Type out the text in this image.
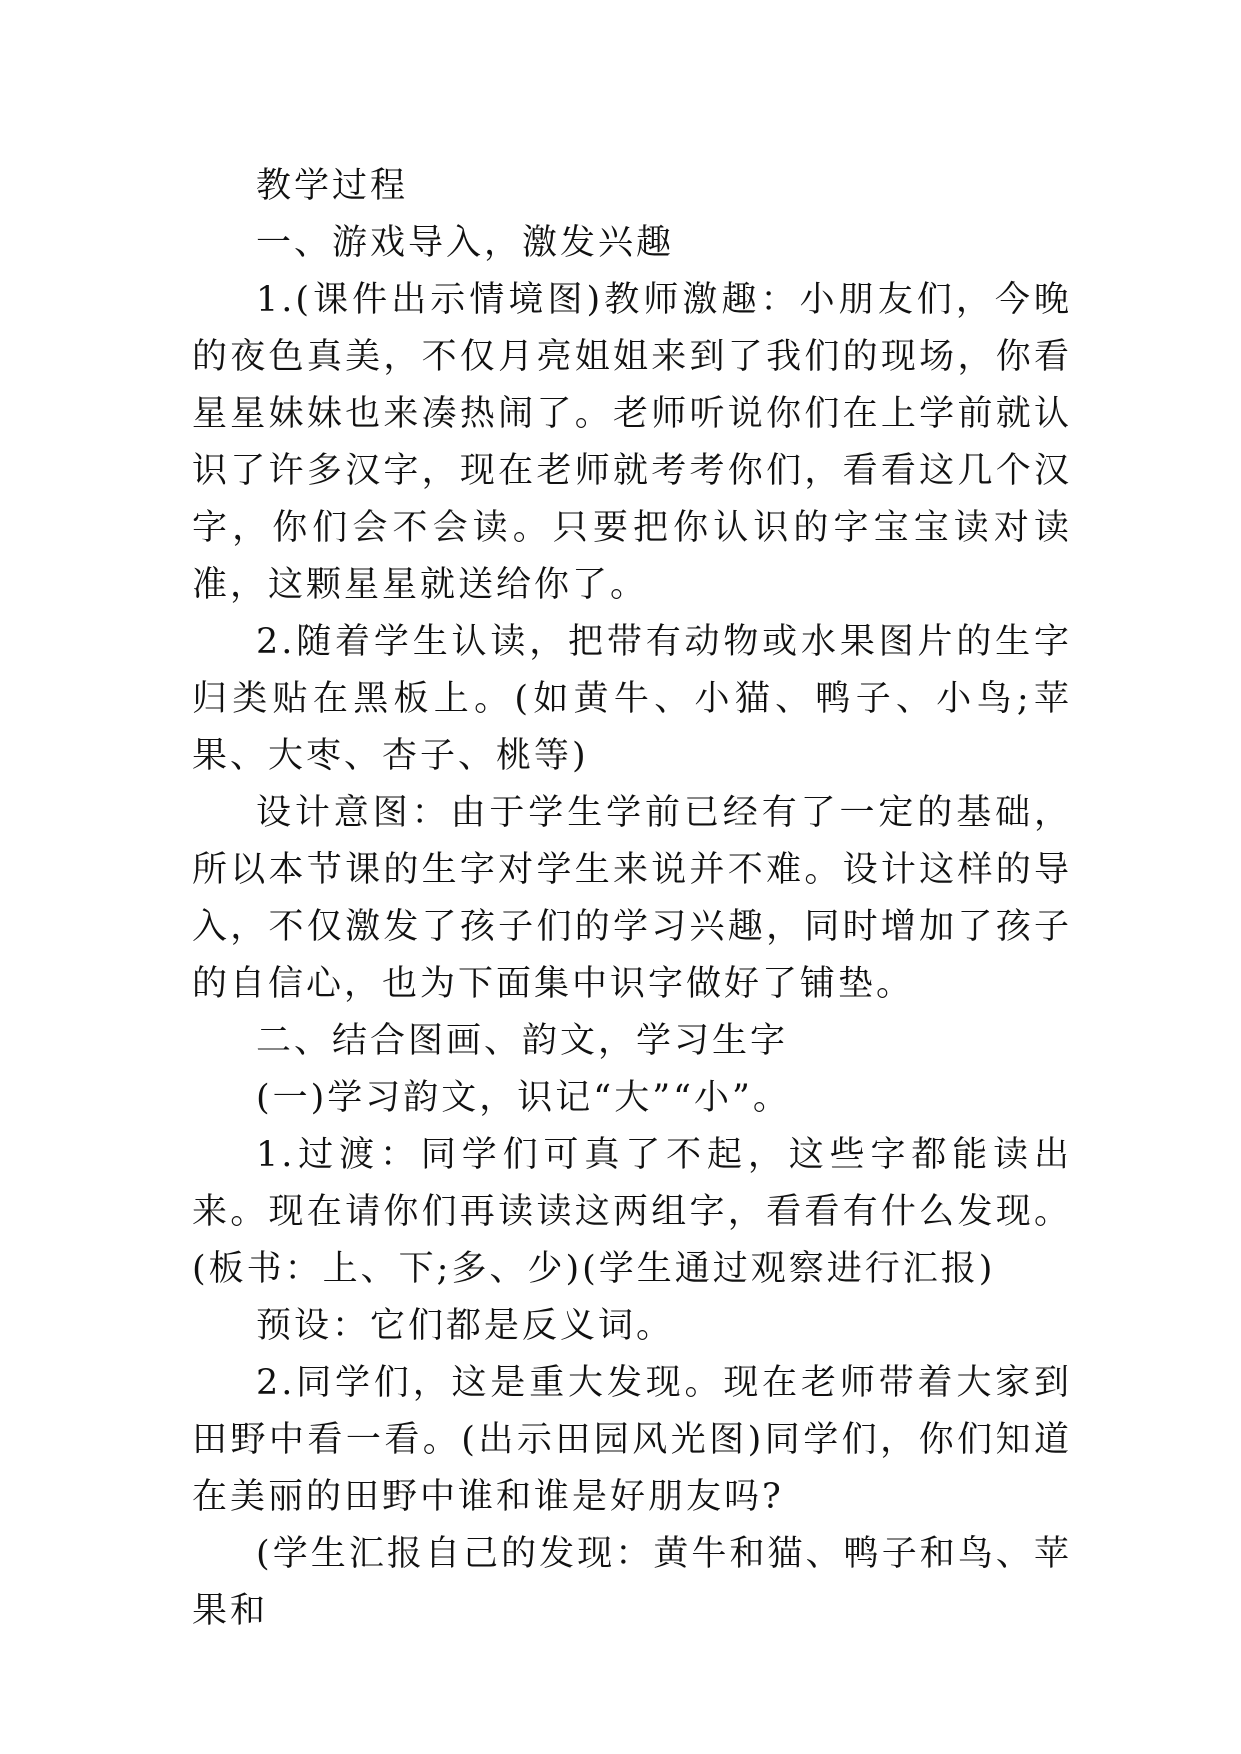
教学过程

一、游戏导入，激发兴趣

1.(课件出示情境图)教师激趣：小朋友们，今晚的夜色真美，不仅月亮姐姐来到了我们的现场，你看星星妹妹也来凑热闹了。老师听说你们在上学前就认识了许多汉字，现在老师就考考你们，看看这几个汉字，你们会不会读。只要把你认识的字宝宝读对读准，这颗星星就送给你了。

2.随着学生认读，把带有动物或水果图片的生字归类贴在黑板上。(如黄牛、小猫、鸭子、小鸟;苹果、大枣、杏子、桃等)

设计意图：由于学生学前已经有了一定的基础，所以本节课的生字对学生来说并不难。设计这样的导入，不仅激发了孩子们的学习兴趣，同时增加了孩子的自信心，也为下面集中识字做好了铺垫。

二、结合图画、韵文，学习生字

(一)学习韵文，识记“大”“小”。

1.过渡：同学们可真了不起，这些字都能读出来。现在请你们再读读这两组字，看看有什么发现。(板书：上、下;多、少)(学生通过观察进行汇报)

预设：它们都是反义词。

2.同学们，这是重大发现。现在老师带着大家到田野中看一看。(出示田园风光图)同学们，你们知道在美丽的田野中谁和谁是好朋友吗?

(学生汇报自己的发现：黄牛和猫、鸭子和鸟、苹果和
